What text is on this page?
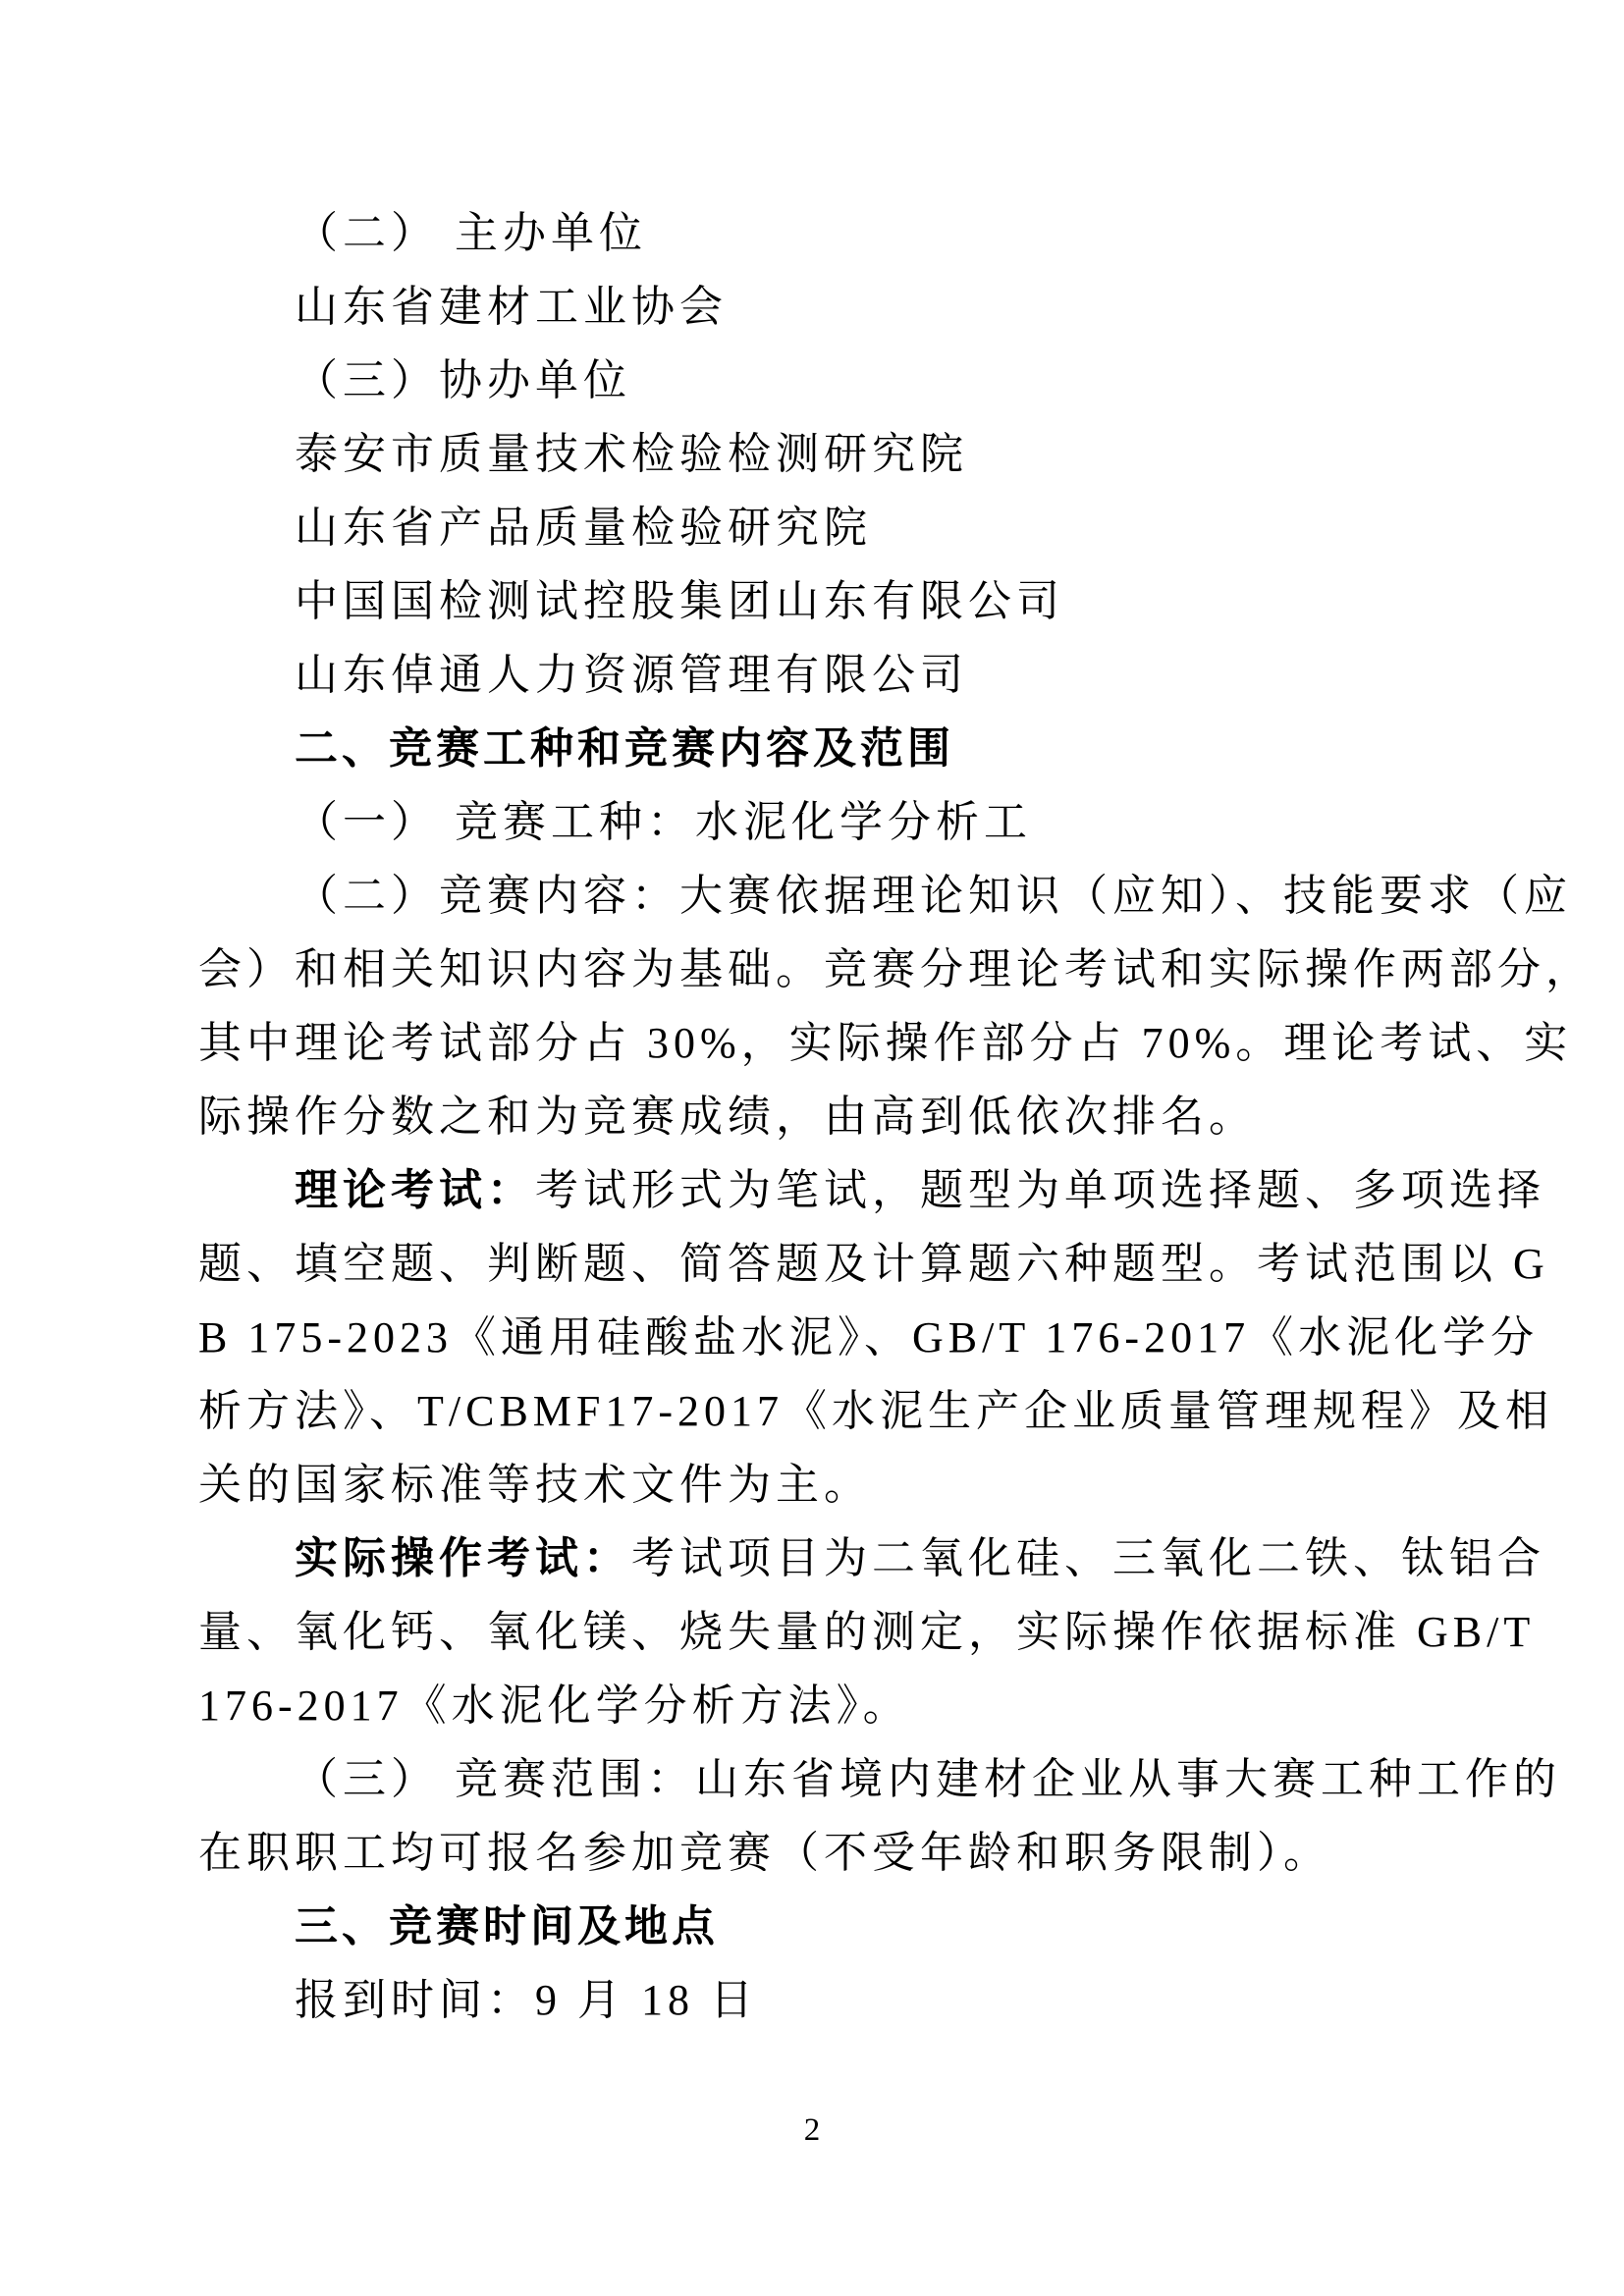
（二） 主办单位
山东省建材工业协会
（三）协办单位
泰安市质量技术检验检测研究院
山东省产品质量检验研究院
中国国检测试控股集团山东有限公司
山东倬通人力资源管理有限公司
二、竞赛工种和竞赛内容及范围
（一） 竞赛工种：水泥化学分析工
（二）竞赛内容：大赛依据理论知识（应知）、技能要求（应
会）和相关知识内容为基础。竞赛分理论考试和实际操作两部分，
其中理论考试部分占 30%，实际操作部分占 70%。理论考试、实
际操作分数之和为竞赛成绩，由高到低依次排名。
理论考试：考试形式为笔试，题型为单项选择题、多项选择
题、填空题、判断题、简答题及计算题六种题型。考试范围以 G
B 175-2023《通用硅酸盐水泥》、GB/T 176-2017《水泥化学分
析方法》、T/CBMF17-2017《水泥生产企业质量管理规程》及相
关的国家标准等技术文件为主。
实际操作考试：考试项目为二氧化硅、三氧化二铁、钛铝合
量、氧化钙、氧化镁、烧失量的测定，实际操作依据标准 GB/T
176-2017《水泥化学分析方法》。
（三） 竞赛范围：山东省境内建材企业从事大赛工种工作的
在职职工均可报名参加竞赛（不受年龄和职务限制）。
三、竞赛时间及地点
报到时间：9 月 18 日
2
